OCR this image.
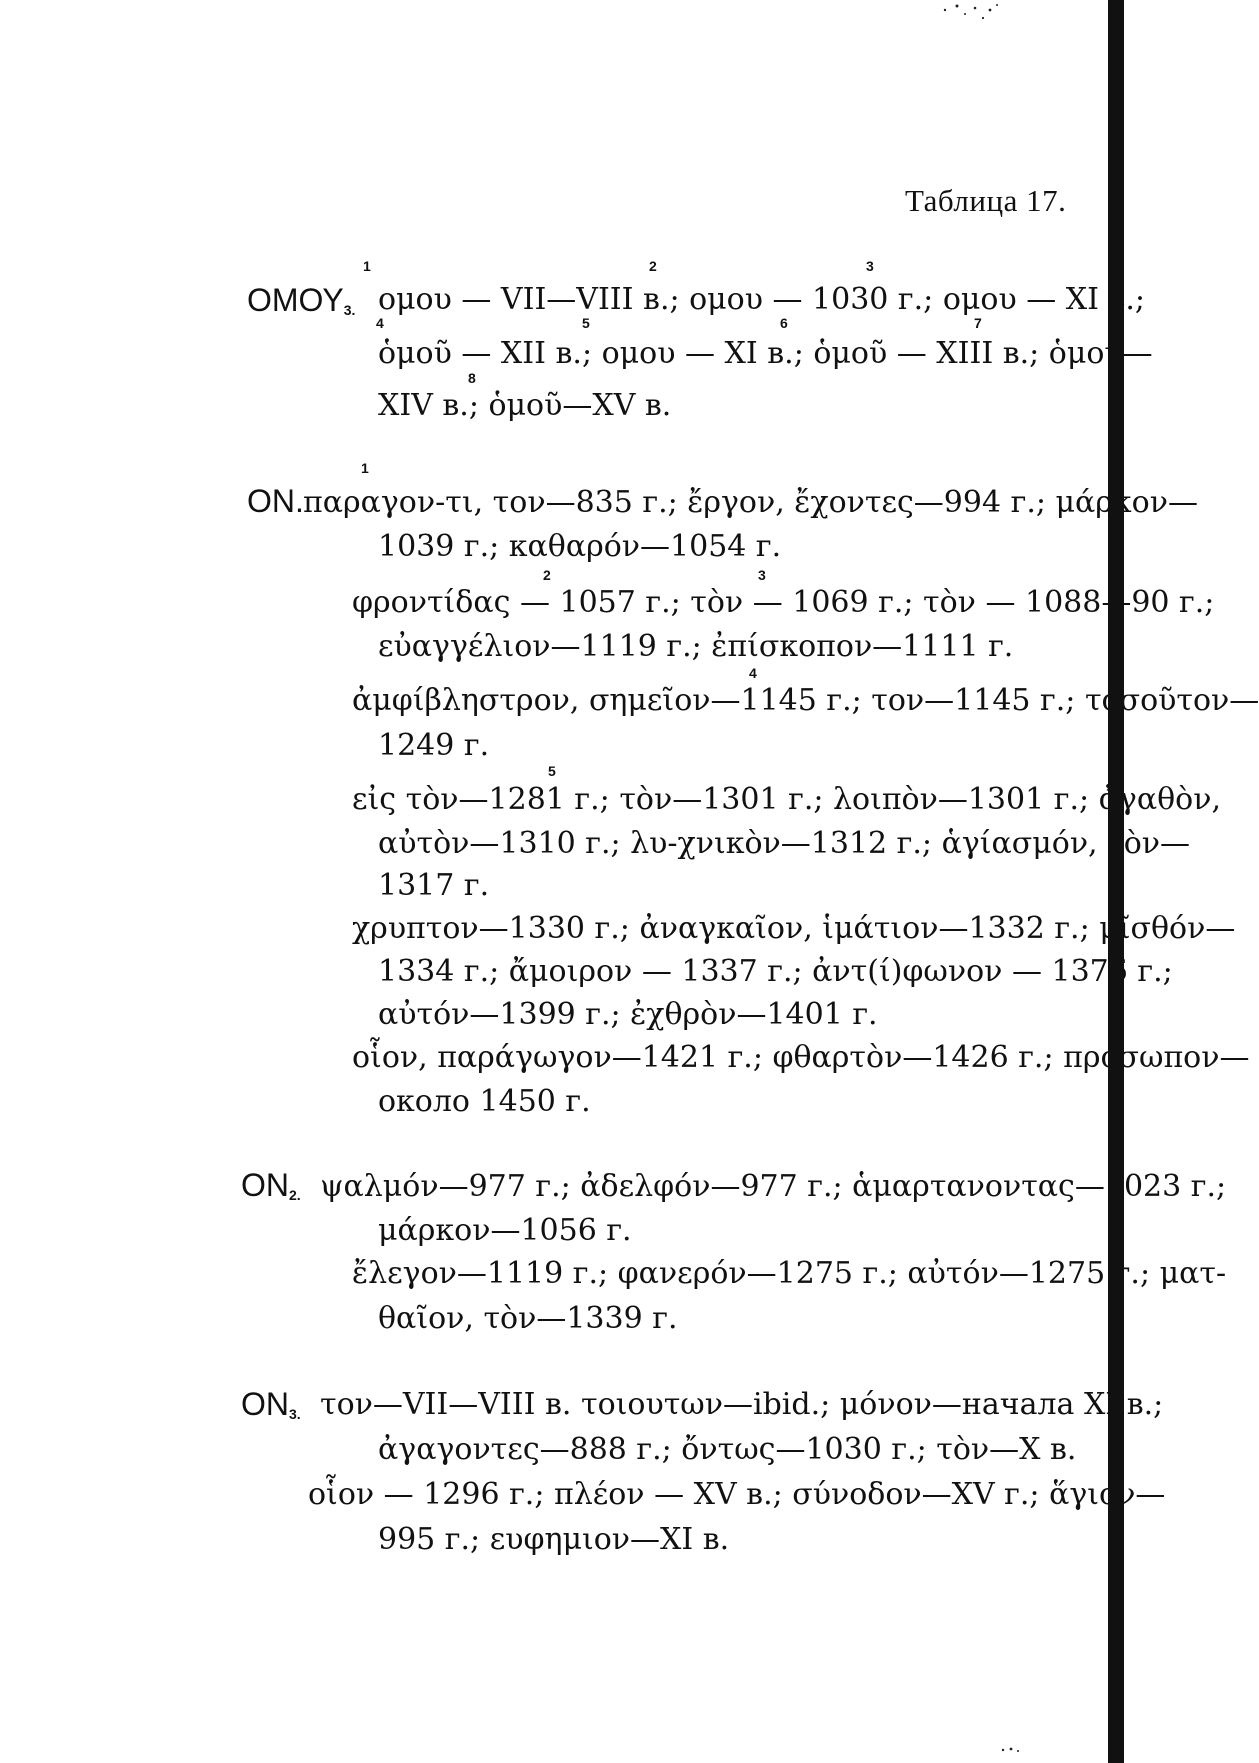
Таблица 17.
$OMO\Upsilon_{3.}$
1	2	3
ομου — VII—VIII в.; ομου — 1030 г.; ομου — XI в.;
4	5	6	7
ὁμοῦ — XII в.; ομου — XI в.; ὁμοῦ — XIII в.; ὁμοῦ—
8
XIV в.; ὁμοῦ—XV в.
ΟΝ.
1
παραγον-τι, τον—835 г.; ἔργον, ἔχοντες—994 г.; μάρκον—
1039 г.; καθαρόν—1054 г.
2	3
φροντίδας — 1057 г.; τὸν — 1069 г.; τὸν — 1088—90 г.;
εὐαγγέλιον—1119 г.; ἐπίσκοπον—1111 г.
4
ἀμφίβληστρον, σημεῖον—1145 г.; τον—1145 г.; τοσοῦτον—
1249 г.
5
εἰς τὸν—1281 г.; τὸν—1301 г.; λοιπὸν—1301 г.; ἀγαθὸν,
αὐτὸν—1310 г.; λυ-χνικὸν—1312 г.; ἁγίασμόν, τὸν—
1317 г.
χρυπτον—1330 г.; ἀναγκαῖον, ἱμάτιον—1332 г.; μῖσθόν—
1334 г.; ἄμοιρον — 1337 г.; ἀντ(ί)φωνον — 1376 г.;
αὐτόν—1399 г.; ἐχθρὸν—1401 г.
οἷον, παράγωγον—1421 г.; φθαρτὸν—1426 г.; πρόσωπον—
около 1450 г.
$ON_{2.}$ ψαλμόν—977 г.; ἀδελφόν—977 г.; ἁμαρτανοντας—1023 г.;
μάρκον—1056 г.
ἔλεγον—1119 г.; φανερόν—1275 г.; αὐτόν—1275 г.; ματ-
θαῖον, τὸν—1339 г.
$ON_{3.}$ τον—VII—VIII в. τοιουτων—ibid.; μόνον—начала XI в.;
ἀγαγοντες—888 г.; ὄντως—1030 г.; τὸν—X в.
οἷον — 1296 г.; πλέον — XV в.; σύνοδον—XV г.; ἅγιον—
995 г.; ευφημιον—XI в.
